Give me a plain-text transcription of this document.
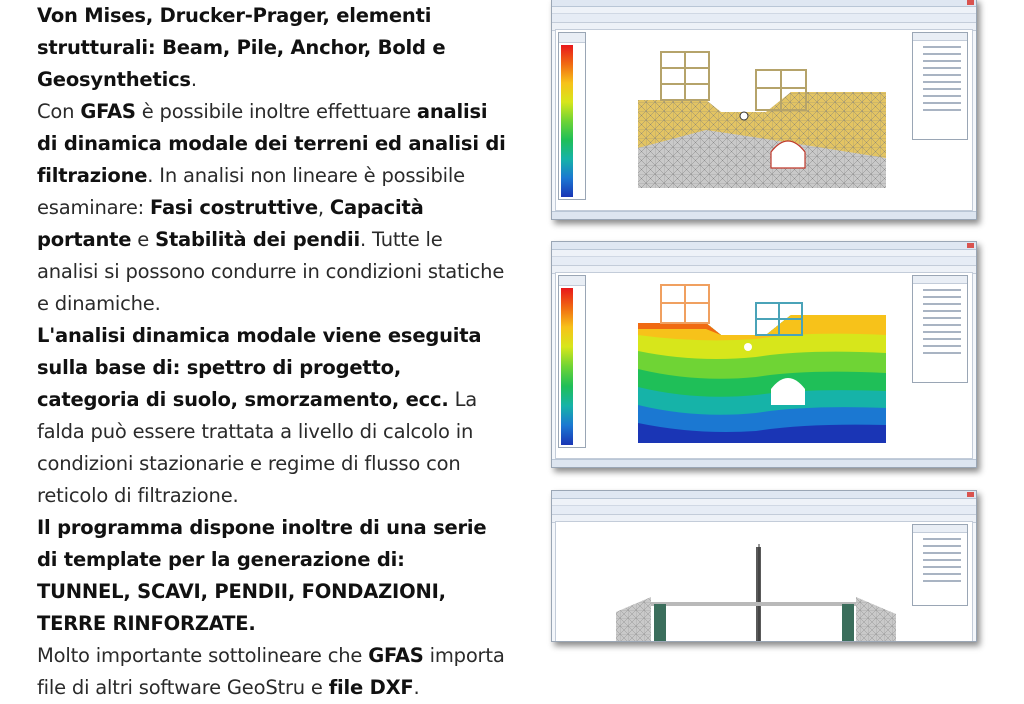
Von Mises, Drucker-Prager, elementi strutturali: Beam, Pile, Anchor, Bold e Geosynthetics.
Con GFAS è possibile inoltre effettuare analisi di dinamica modale dei terreni ed analisi di filtrazione. In analisi non lineare è possibile esaminare: Fasi costruttive, Capacità portante e Stabilità dei pendii. Tutte le analisi si possono condurre in condizioni statiche e dinamiche.

L'analisi dinamica modale viene eseguita sulla base di: spettro di progetto, categoria di suolo, smorzamento, ecc. La falda può essere trattata a livello di calcolo in condizioni stazionarie e regime di flusso con reticolo di filtrazione.

Il programma dispone inoltre di una serie di template per la generazione di:
TUNNEL, SCAVI, PENDII, FONDAZIONI,
TERRE RINFORZATE.

Molto importante sottolineare che GFAS importa file di altri software GeoStru e file DXF.
